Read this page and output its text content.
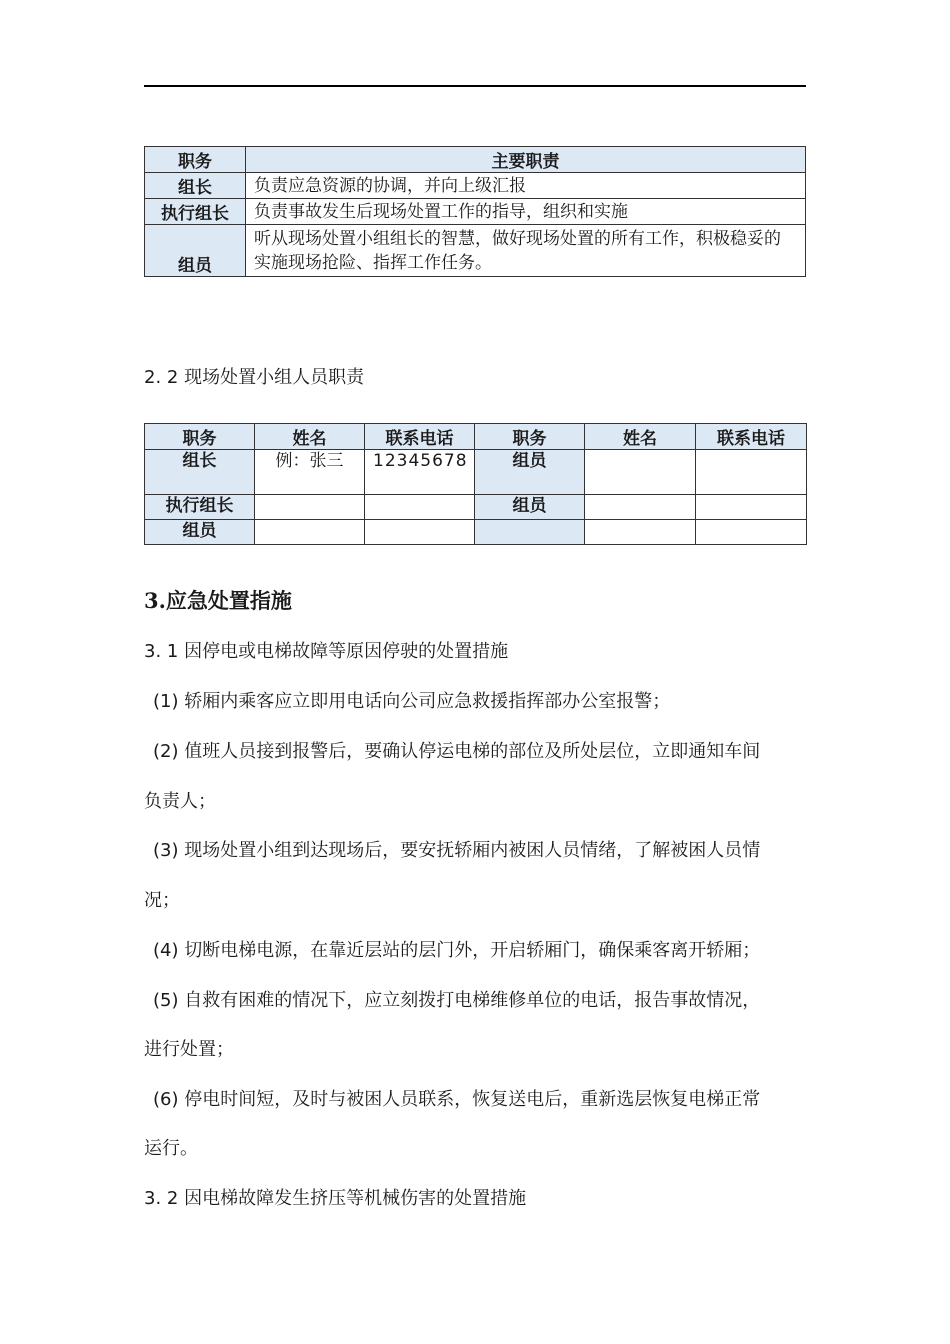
职务	主要职责
组长	负责应急资源的协调，并向上级汇报
执行组长	负责事故发生后现场处置工作的指导，组织和实施
组员	听从现场处置小组组长的智慧，做好现场处置的所有工作，积极稳妥的实施现场抢险、指挥工作任务。

2. 2 现场处置小组人员职责

职务	姓名	联系电话	职务	姓名	联系电话
组长	例：张三	12345678	组员		
执行组长			组员		
组员					
3.应急处置指施

3. 1 因停电或电梯故障等原因停驶的处置措施

(1) 轿厢内乘客应立即用电话向公司应急救援指挥部办公室报警；

(2) 值班人员接到报警后，要确认停运电梯的部位及所处层位，立即通知车间

负责人；

(3) 现场处置小组到达现场后，要安抚轿厢内被困人员情绪，了解被困人员情

况；

(4) 切断电梯电源，在靠近层站的层门外，开启轿厢门，确保乘客离开轿厢；

(5) 自救有困难的情况下，应立刻拨打电梯维修单位的电话，报告事故情况，

进行处置；

(6) 停电时间短，及时与被困人员联系，恢复送电后，重新选层恢复电梯正常

运行。

3. 2 因电梯故障发生挤压等机械伤害的处置措施
